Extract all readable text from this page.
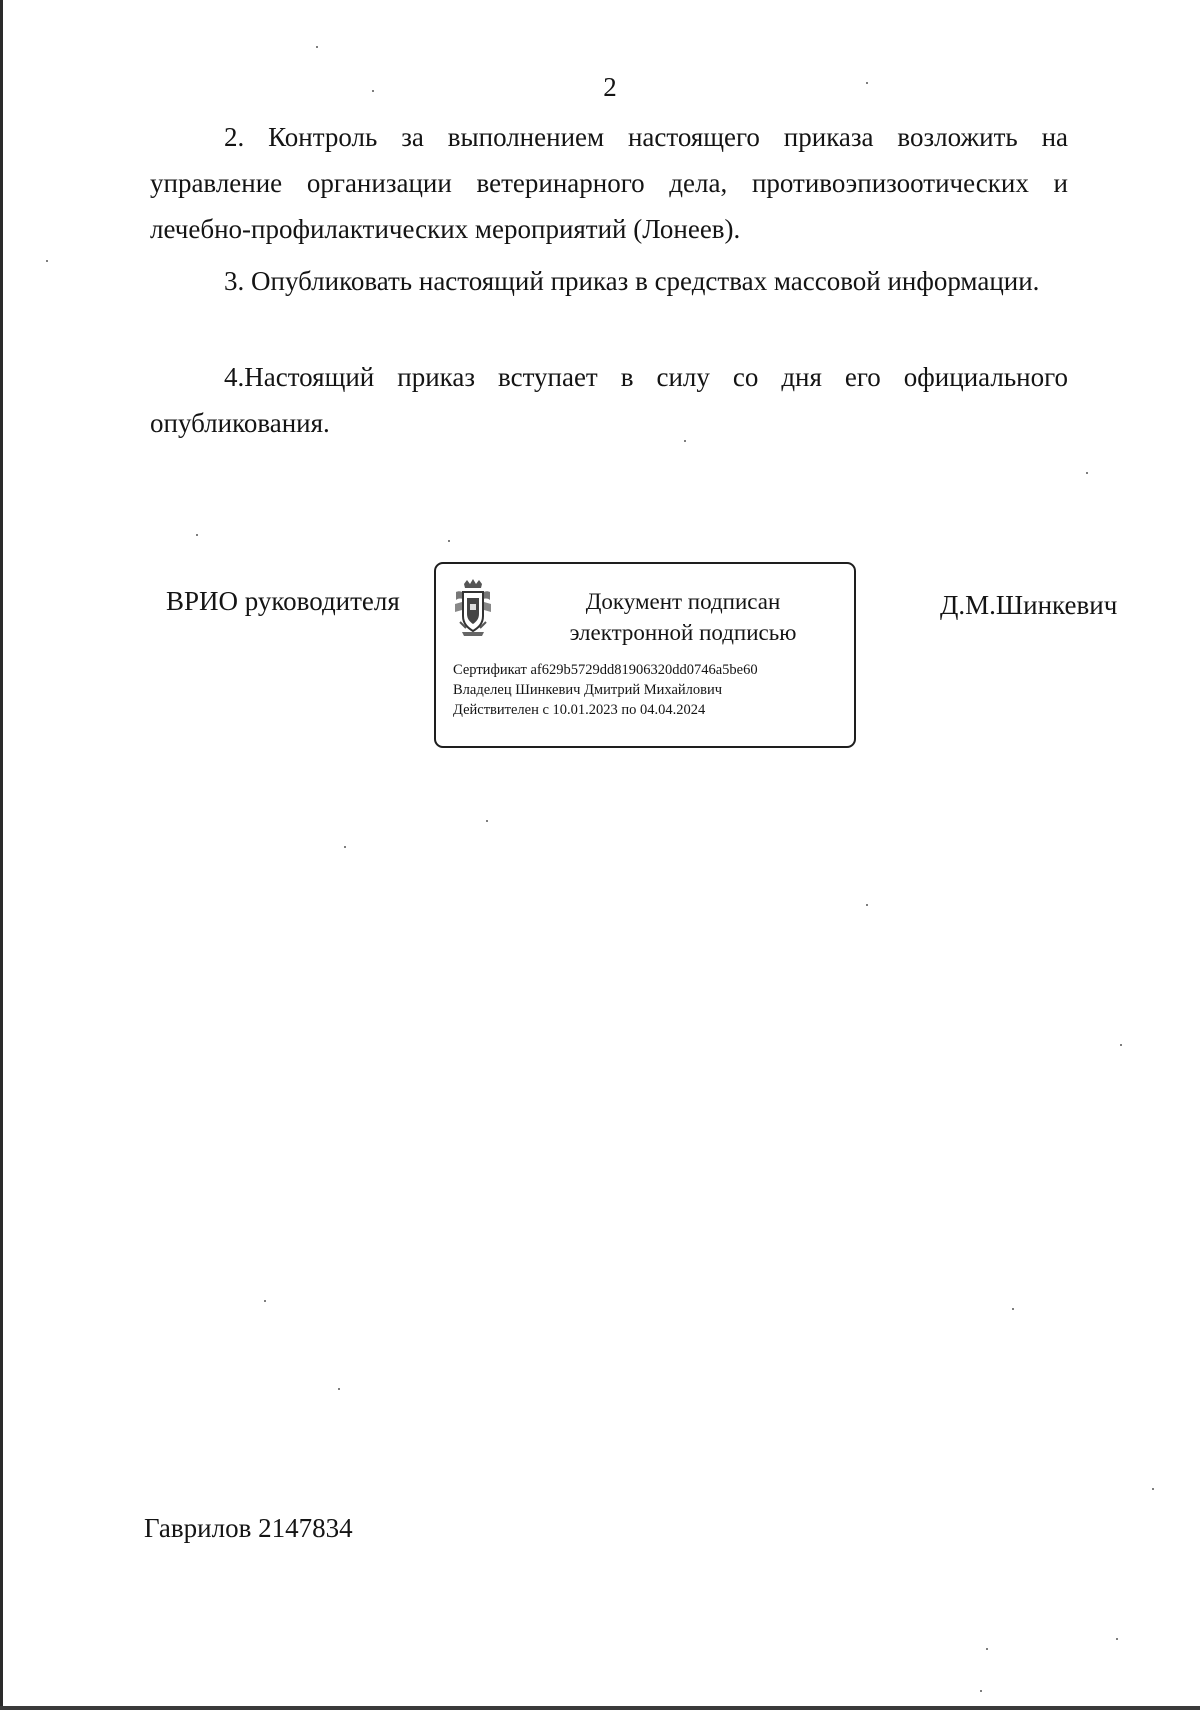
2

2. Контроль за выполнением настоящего приказа возложить на управление организации ветеринарного дела, противоэпизоотических и лечебно-профилактических мероприятий (Лонеев).

3. Опубликовать настоящий приказ в средствах массовой информации.

4.Настоящий приказ вступает в силу со дня его официального опубликования.

ВРИО руководителя	Документ подписан
электронной подписью
Сертификат af629b5729dd81906320dd0746a5be60
Владелец Шинкевич Дмитрий Михайлович
Действителен с 10.01.2023 по 04.04.2024
Д.М.Шинкевич
Гаврилов 2147834
